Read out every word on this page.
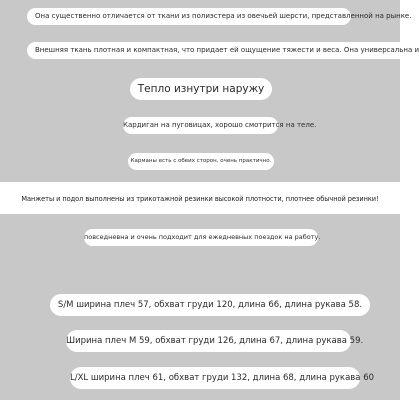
Она существенно отличается от ткани из полиэстера из овечьей шерсти, представленной на рынке.
Внешняя ткань плотная и компактная, что придает ей ощущение тяжести и веса. Она универсальна и
Тепло изнутри наружу
Кардиган на пуговицах, хорошо смотрится на теле.
Карманы есть с обеих сторон, очень практично.
Манжеты и подол выполнены из трикотажной резинки высокой плотности, плотнее обычной резинки!
повседневна и очень подходит для ежедневных поездок на работу.
S/M ширина плеч 57, обхват груди 120, длина 66, длина рукава 58.
Ширина плеч M 59, обхват груди 126, длина 67, длина рукава 59.
L/XL ширина плеч 61, обхват груди 132, длина 68, длина рукава 60
